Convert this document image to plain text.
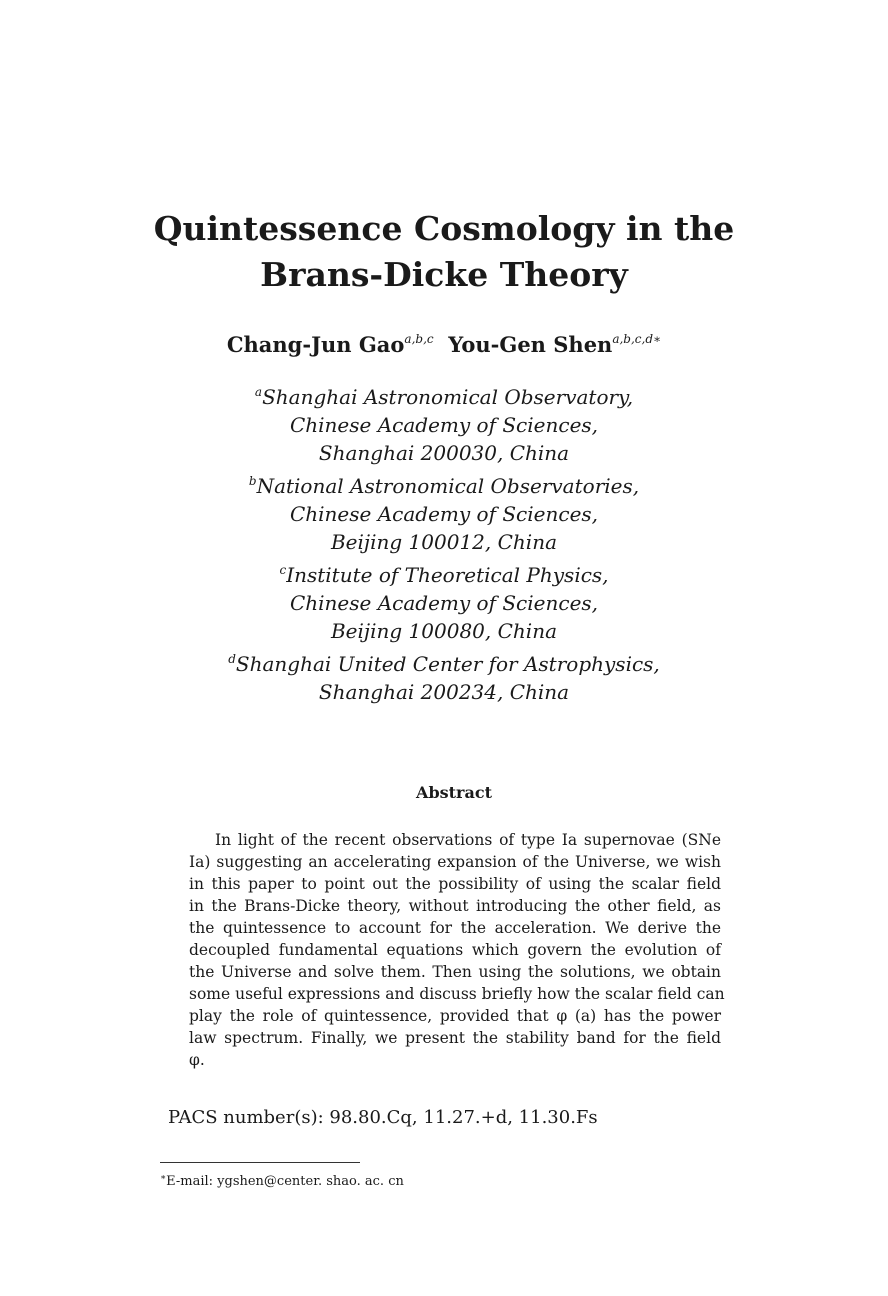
Quintessence Cosmology in the
Brans-Dicke Theory
Chang-Jun Gao$^{a,b,c}$ You-Gen Shen$^{a,b,c,d∗}$
$^a$Shanghai Astronomical Observatory,
Chinese Academy of Sciences,
Shanghai 200030, China
$^b$National Astronomical Observatories,
Chinese Academy of Sciences,
Beijing 100012, China
$^c$Institute of Theoretical Physics,
Chinese Academy of Sciences,
Beijing 100080, China
$^d$Shanghai United Center for Astrophysics,
Shanghai 200234, China
Abstract
In light of the recent observations of type Ia supernovae (SNe
Ia) suggesting an accelerating expansion of the Universe, we wish
in this paper to point out the possibility of using the scalar field
in the Brans-Dicke theory, without introducing the other field, as
the quintessence to account for the acceleration. We derive the
decoupled fundamental equations which govern the evolution of
the Universe and solve them. Then using the solutions, we obtain
some useful expressions and discuss briefly how the scalar field can
play the role of quintessence, provided that φ (a) has the power
law spectrum. Finally, we present the stability band for the field
φ.
PACS number(s): 98.80.Cq, 11.27.+d, 11.30.Fs
∗E-mail: ygshen@center. shao. ac. cn
